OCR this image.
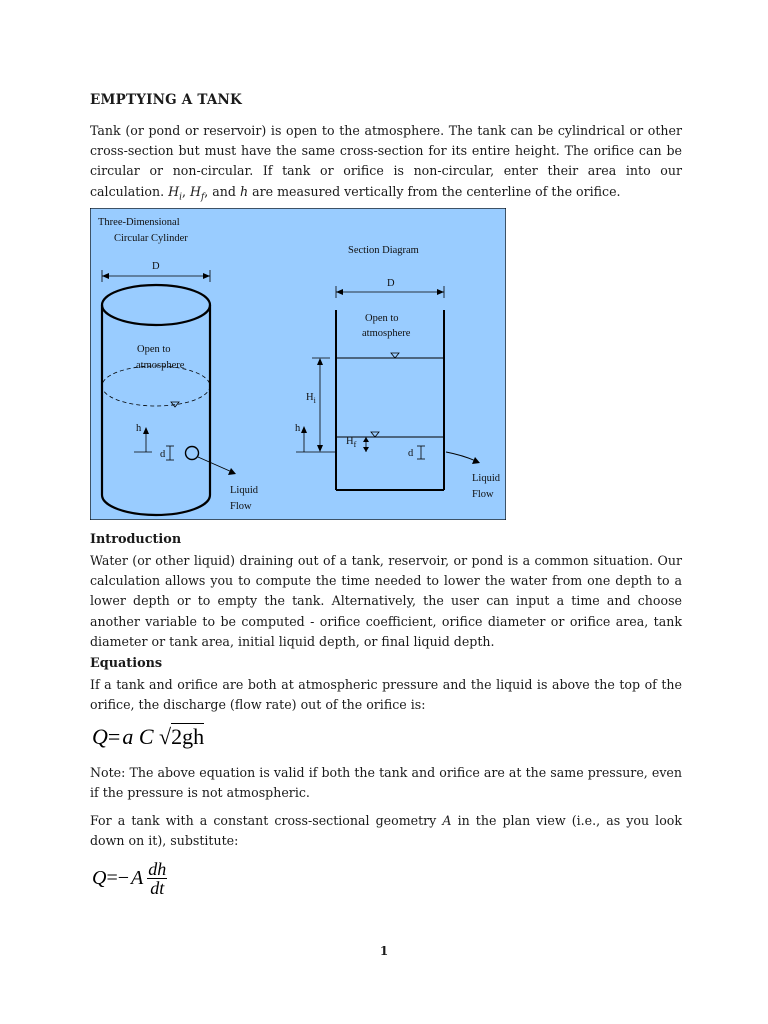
EMPTYING A TANK
Tank (or pond or reservoir) is open to the atmosphere. The tank can be cylindrical or other cross-section but must have the same cross-section for its entire height. The orifice can be circular or non-circular. If tank or orifice is non-circular, enter their area into our calculation. $H_i$, $H_f$, and h are measured vertically from the centerline of the orifice.
Three-Dimensional
Circular Cylinder
D
Open to
atmosphere
h
d
Liquid
Flow
Section Diagram
D
Open to
atmosphere
$H_i$
h
$H_f$
d
Liquid
Flow
Introduction
Water (or other liquid) draining out of a tank, reservoir, or pond is a common situation. Our calculation allows you to compute the time needed to lower the water from one depth to a lower depth or to empty the tank. Alternatively, the user can input a time and choose another variable to be computed - orifice coefficient, orifice diameter or orifice area, tank diameter or tank area, initial liquid depth, or final liquid depth.
Equations
If a tank and orifice are both at atmospheric pressure and the liquid is above the top of the orifice, the discharge (flow rate) out of the orifice is:
Q=a C √2gh
Note: The above equation is valid if both the tank and orifice are at the same pressure, even if the pressure is not atmospheric.
For a tank with a constant cross-sectional geometry A in the plan view (i.e., as you look down on it), substitute:
Q = − A dh
dt
1
